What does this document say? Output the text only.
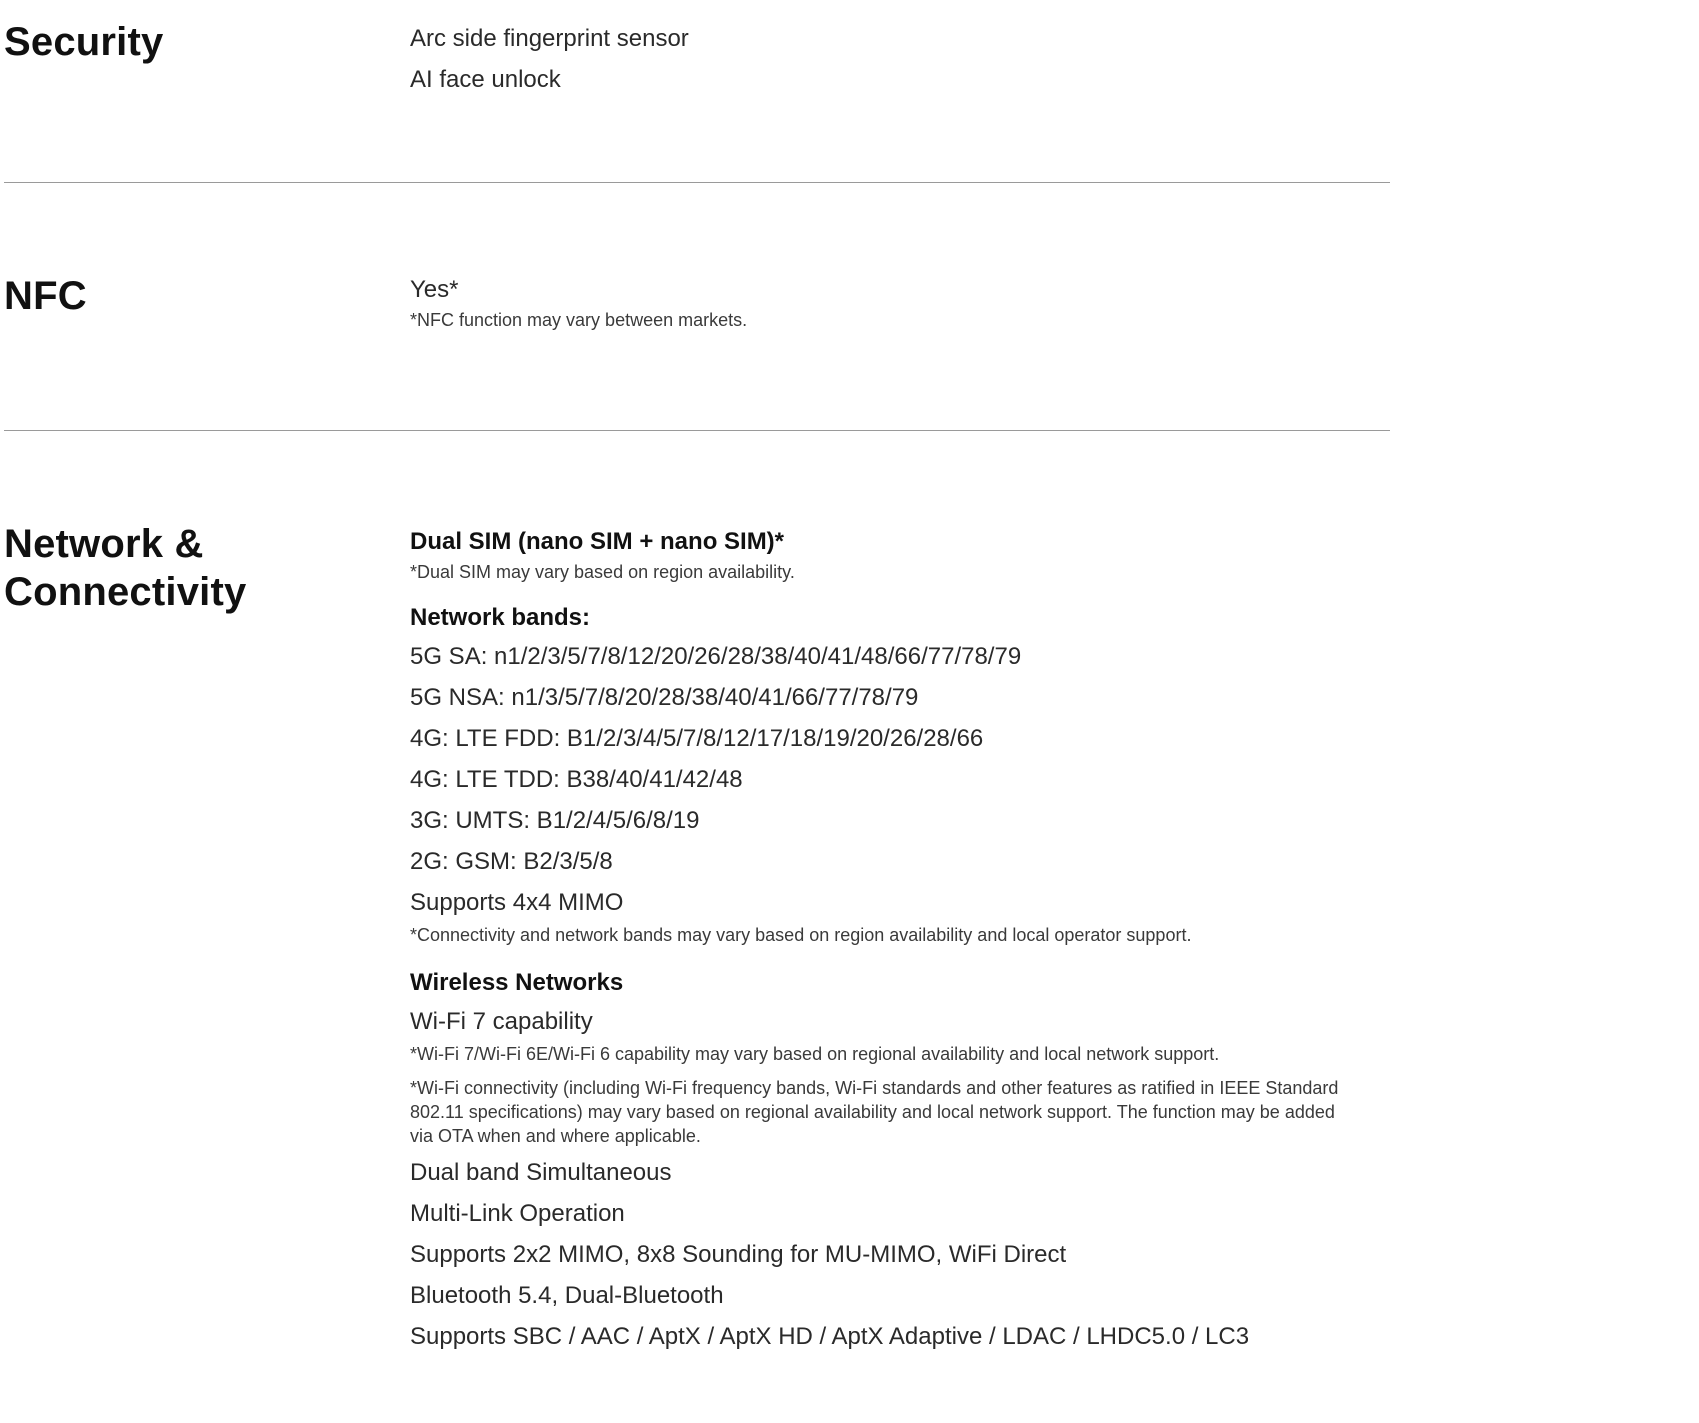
Security	Arc side fingerprint sensor

AI face unlock

NFC	Yes*

*NFC function may vary between markets.

Network &
Connectivity

Dual SIM (nano SIM + nano SIM)*

*Dual SIM may vary based on region availability.

Network bands:

5G SA: n1/2/3/5/7/8/12/20/26/28/38/40/41/48/66/77/78/79

5G NSA: n1/3/5/7/8/20/28/38/40/41/66/77/78/79

4G: LTE FDD: B1/2/3/4/5/7/8/12/17/18/19/20/26/28/66

4G: LTE TDD: B38/40/41/42/48

3G: UMTS: B1/2/4/5/6/8/19

2G: GSM: B2/3/5/8

Supports 4x4 MIMO

*Connectivity and network bands may vary based on region availability and local operator support.

Wireless Networks

Wi-Fi 7 capability

*Wi-Fi 7/Wi-Fi 6E/Wi-Fi 6 capability may vary based on regional availability and local network support.

*Wi-Fi connectivity (including Wi-Fi frequency bands, Wi-Fi standards and other features as ratified in IEEE Standard 802.11 specifications) may vary based on regional availability and local network support. The function may be added via OTA when and where applicable.

Dual band Simultaneous

Multi-Link Operation

Supports 2x2 MIMO, 8x8 Sounding for MU-MIMO, WiFi Direct

Bluetooth 5.4, Dual-Bluetooth

Supports SBC / AAC / AptX / AptX HD / AptX Adaptive / LDAC / LHDC5.0 / LC3
